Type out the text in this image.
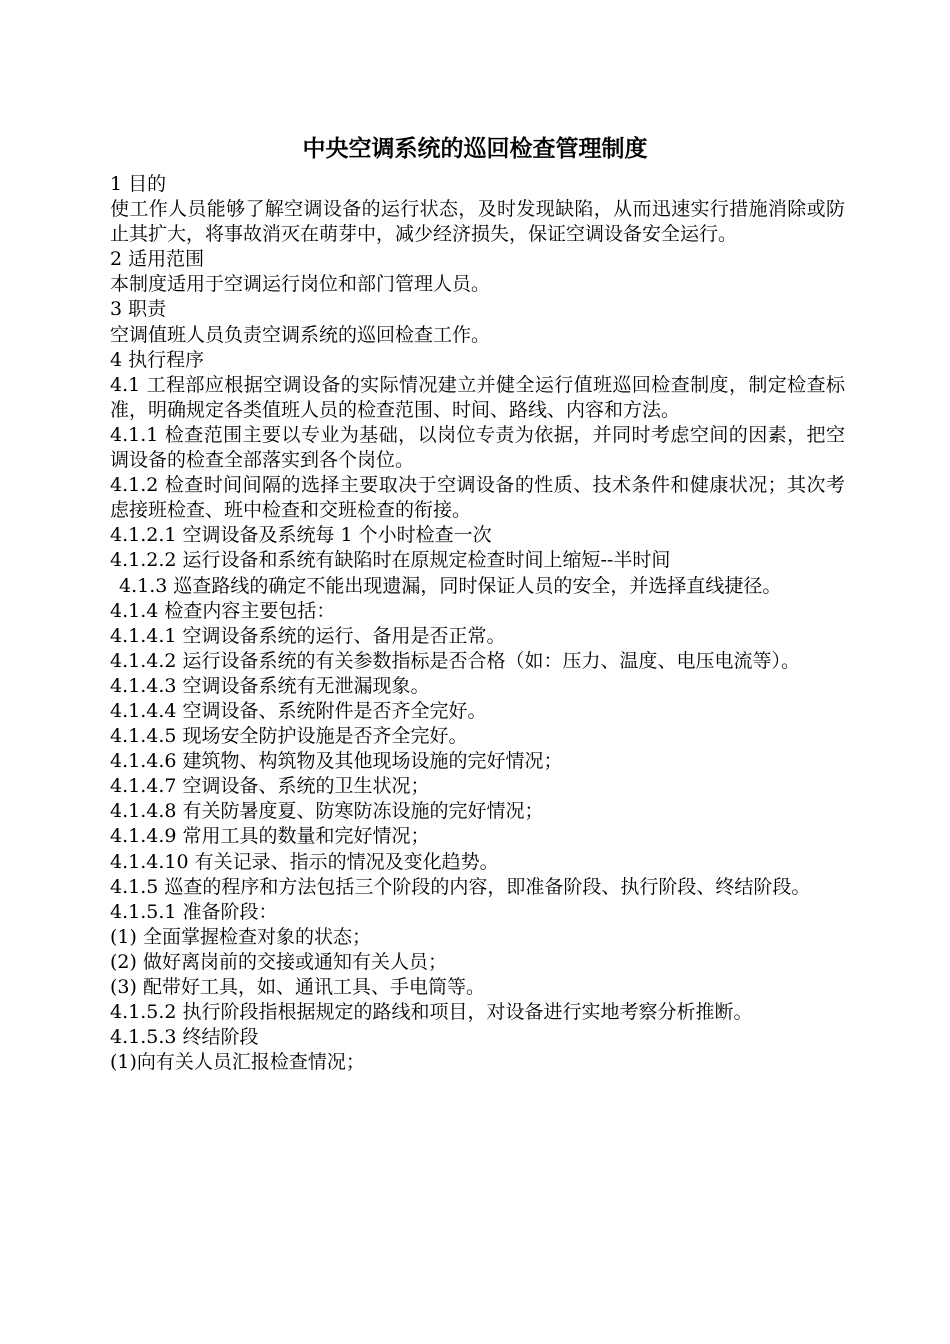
中央空调系统的巡回检查管理制度

1 目的

使工作人员能够了解空调设备的运行状态，及时发现缺陷，从而迅速实行措施消除或防止其扩大，将事故消灭在萌芽中，减少经济损失，保证空调设备安全运行。

2 适用范围

本制度适用于空调运行岗位和部门管理人员。

3 职责

空调值班人员负责空调系统的巡回检查工作。

4 执行程序

4.1 工程部应根据空调设备的实际情况建立并健全运行值班巡回检查制度，制定检查标准，明确规定各类值班人员的检查范围、时间、路线、内容和方法。

4.1.1 检查范围主要以专业为基础，以岗位专责为依据，并同时考虑空间的因素，把空调设备的检查全部落实到各个岗位。

4.1.2 检查时间间隔的选择主要取决于空调设备的性质、技术条件和健康状况；其次考虑接班检查、班中检查和交班检查的衔接。

4.1.2.1 空调设备及系统每 1 个小时检查一次

4.1.2.2 运行设备和系统有缺陷时在原规定检查时间上缩短--半时间

4.1.3 巡查路线的确定不能出现遗漏，同时保证人员的安全，并选择直线捷径。

4.1.4 检查内容主要包括：

4.1.4.1 空调设备系统的运行、备用是否正常。

4.1.4.2 运行设备系统的有关参数指标是否合格（如：压力、温度、电压电流等）。

4.1.4.3 空调设备系统有无泄漏现象。

4.1.4.4 空调设备、系统附件是否齐全完好。

4.1.4.5 现场安全防护设施是否齐全完好。

4.1.4.6 建筑物、构筑物及其他现场设施的完好情况；

4.1.4.7 空调设备、系统的卫生状况；

4.1.4.8 有关防暑度夏、防寒防冻设施的完好情况；

4.1.4.9 常用工具的数量和完好情况；

4.1.4.10 有关记录、指示的情况及变化趋势。

4.1.5 巡查的程序和方法包括三个阶段的内容，即准备阶段、执行阶段、终结阶段。

4.1.5.1 准备阶段：

(1) 全面掌握检查对象的状态；

(2) 做好离岗前的交接或通知有关人员；

(3) 配带好工具，如、通讯工具、手电筒等。

4.1.5.2 执行阶段指根据规定的路线和项目，对设备进行实地考察分析推断。

4.1.5.3 终结阶段

(1)向有关人员汇报检查情况；
